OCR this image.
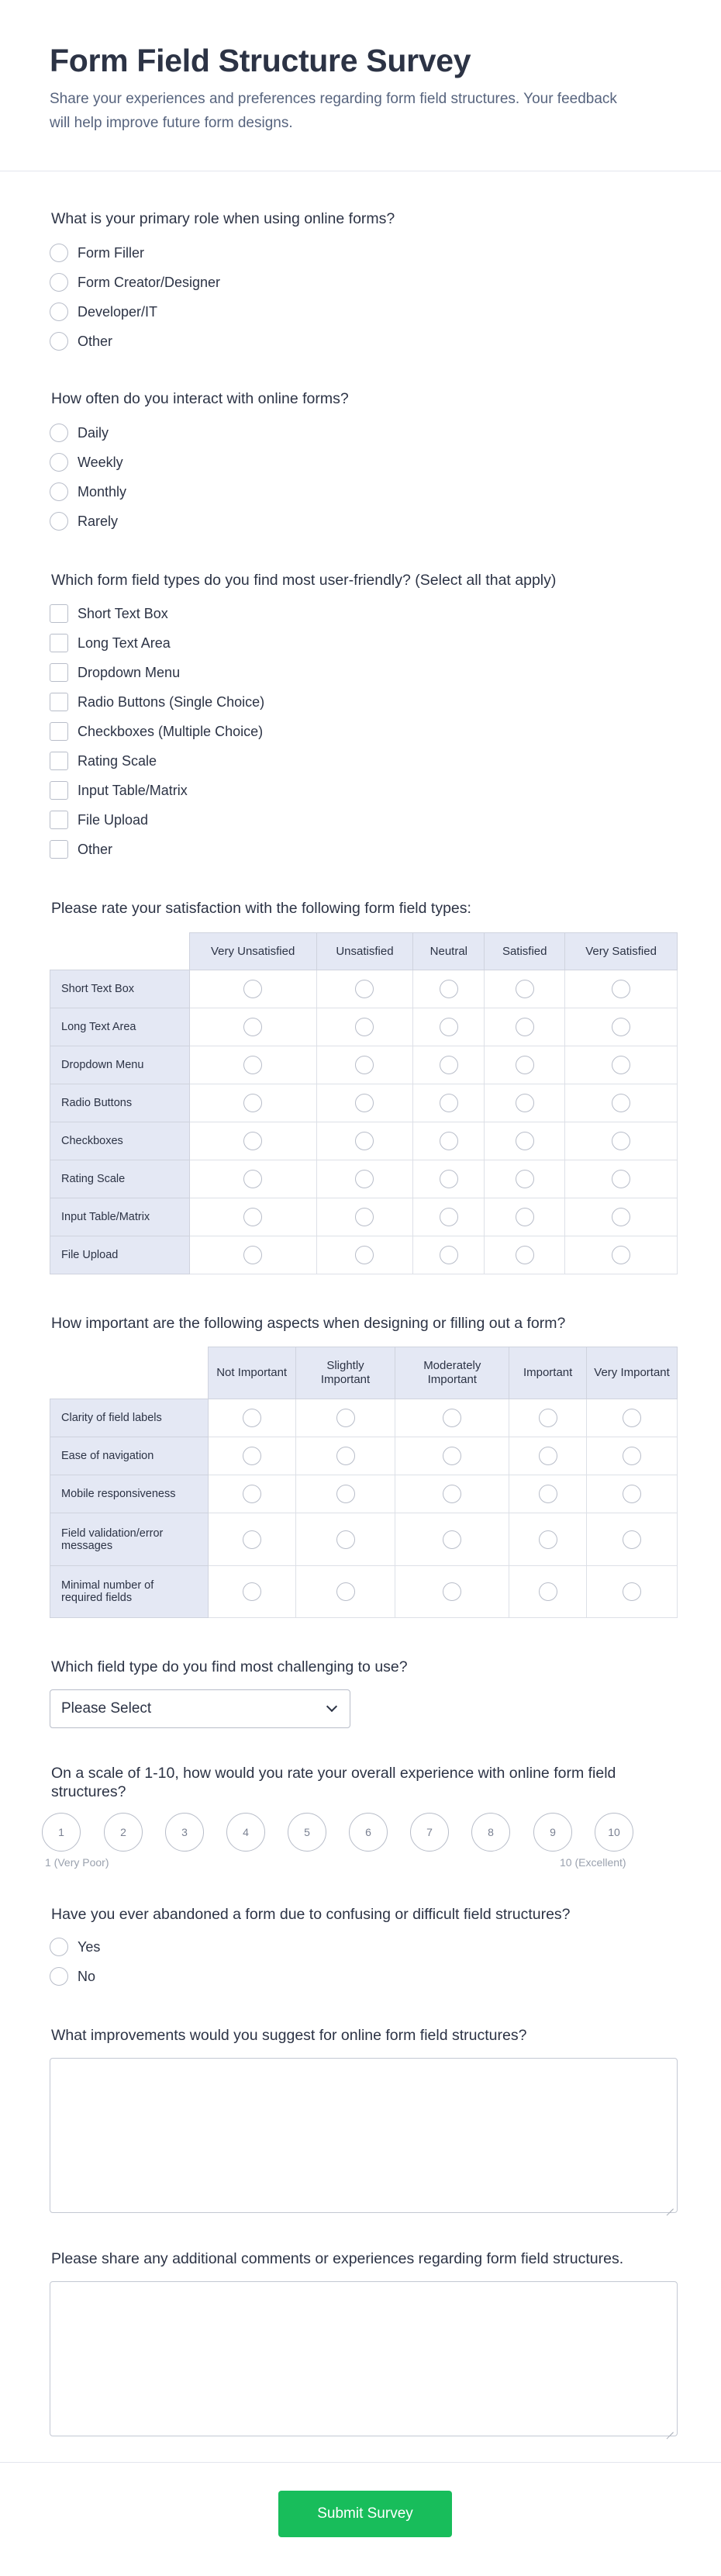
Form Field Structure Survey
Share your experiences and preferences regarding form field structures. Your feedback will help improve future form designs.
What is your primary role when using online forms?
Form Filler
Form Creator/Designer
Developer/IT
Other
How often do you interact with online forms?
Daily
Weekly
Monthly
Rarely
Which form field types do you find most user-friendly? (Select all that apply)
Short Text Box
Long Text Area
Dropdown Menu
Radio Buttons (Single Choice)
Checkboxes (Multiple Choice)
Rating Scale
Input Table/Matrix
File Upload
Other
Please rate your satisfaction with the following form field types:
	Very Unsatisfied	Unsatisfied	Neutral	Satisfied	Very Satisfied
Short Text Box					
Long Text Area					
Dropdown Menu					
Radio Buttons					
Checkboxes					
Rating Scale					
Input Table/Matrix					
File Upload					
How important are the following aspects when designing or filling out a form?
	Not Important	Slightly Important	Moderately Important	Important	Very Important
Clarity of field labels					
Ease of navigation					
Mobile responsiveness					
Field validation/error messages					
Minimal number of required fields					
Which field type do you find most challenging to use?
Please Select
On a scale of 1-10, how would you rate your overall experience with online form field structures?
1	2	3	4	5	6	7	8	9	10
1 (Very Poor)	10 (Excellent)
Have you ever abandoned a form due to confusing or difficult field structures?
Yes
No
What improvements would you suggest for online form field structures?
Please share any additional comments or experiences regarding form field structures.
Submit Survey
